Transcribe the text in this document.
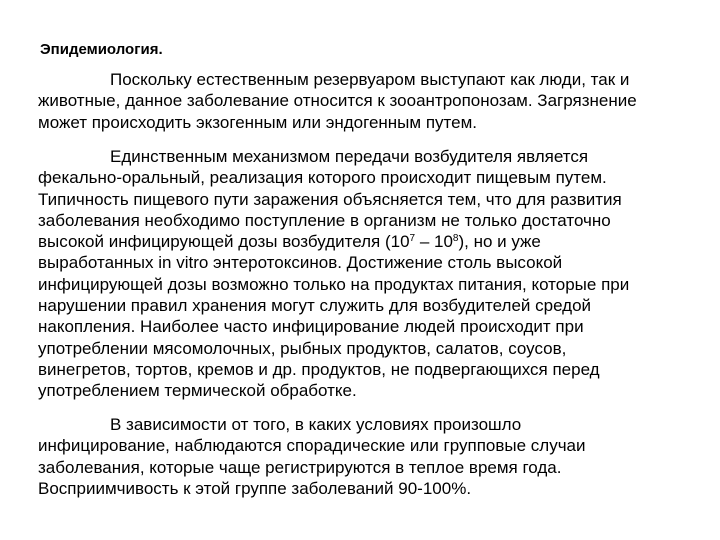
Эпидемиология.
Поскольку естественным резервуаром выступают как люди, так и
животные, данное заболевание относится к зооантропонозам. Загрязнение
может происходить экзогенным или эндогенным путем.
Единственным механизмом передачи возбудителя является
фекально-оральный, реализация которого происходит пищевым путем.
Типичность пищевого пути заражения объясняется тем, что для развития
заболевания необходимо поступление в организм не только достаточно
высокой инфицирующей дозы возбудителя $(10^7 - 10^8)$, но и уже
выработанных in vitro энтеротоксинов. Достижение столь высокой
инфицирующей дозы возможно только на продуктах питания, которые при
нарушении правил хранения могут служить для возбудителей средой
накопления. Наиболее часто инфицирование людей происходит при
употреблении мясомолочных, рыбных продуктов, салатов, соусов,
винегретов, тортов, кремов и др. продуктов, не подвергающихся перед
употреблением термической обработке.
В зависимости от того, в каких условиях произошло
инфицирование, наблюдаются спорадические или групповые случаи
заболевания, которые чаще регистрируются в теплое время года.
Восприимчивость к этой группе заболеваний 90-100%.
